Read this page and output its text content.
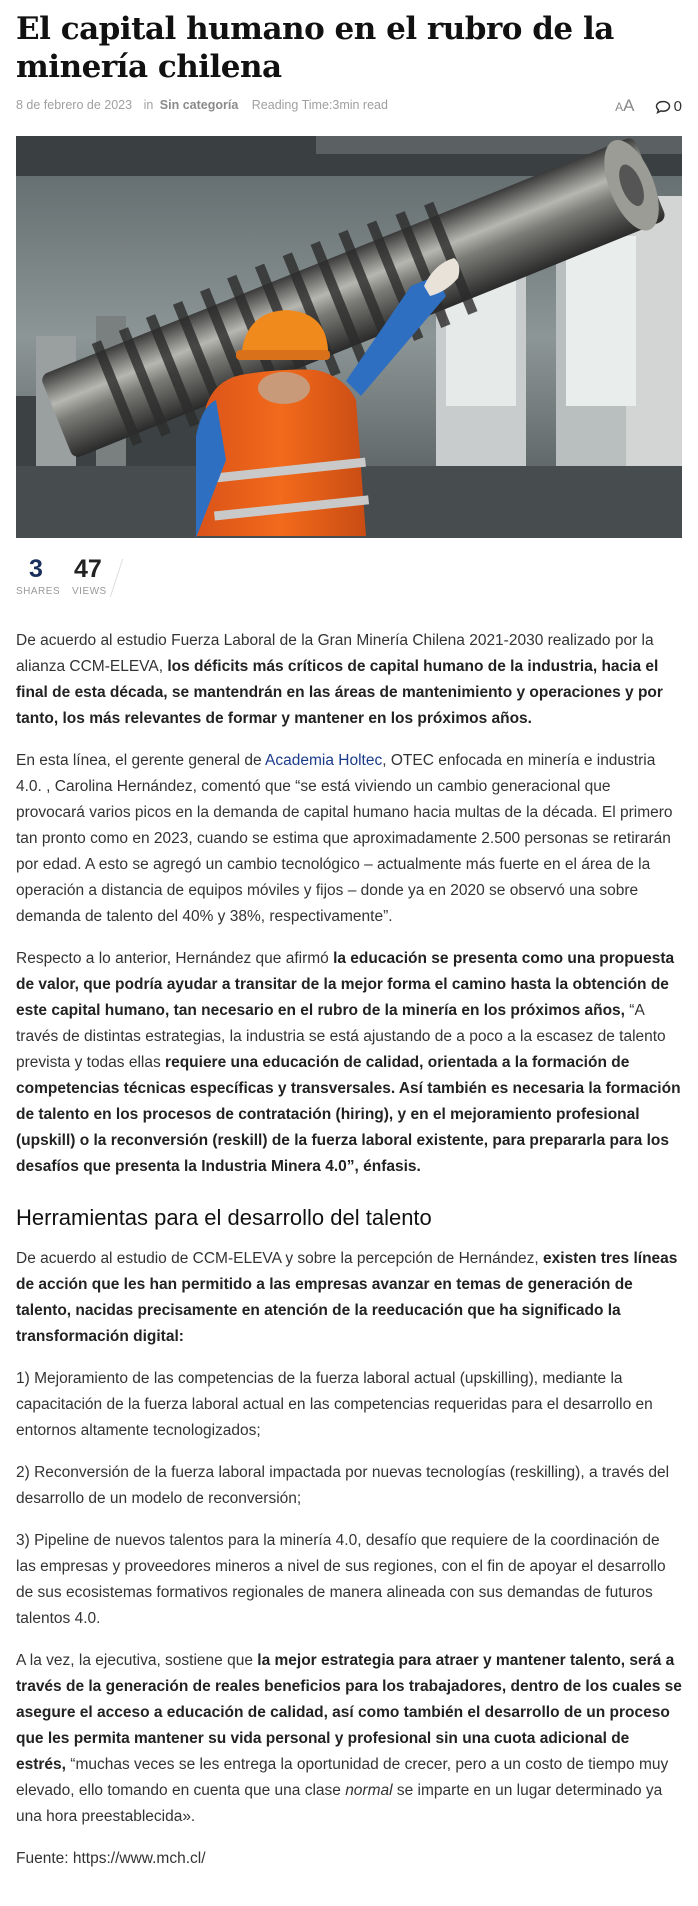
El capital humano en el rubro de la minería chilena
8 de febrero de 2023 in Sin categoría Reading Time:3min read	AA	0
3
SHARES
47
VIEWS

De acuerdo al estudio Fuerza Laboral de la Gran Minería Chilena 2021-2030 realizado por la alianza CCM-ELEVA, los déficits más críticos de capital humano de la industria, hacia el final de esta década, se mantendrán en las áreas de mantenimiento y operaciones y por tanto, los más relevantes de formar y mantener en los próximos años.

En esta línea, el gerente general de Academia Holtec, OTEC enfocada en minería e industria 4.0. , Carolina Hernández, comentó que “se está viviendo un cambio generacional que provocará varios picos en la demanda de capital humano hacia multas de la década. El primero tan pronto como en 2023, cuando se estima que aproximadamente 2.500 personas se retirarán por edad. A esto se agregó un cambio tecnológico – actualmente más fuerte en el área de la operación a distancia de equipos móviles y fijos – donde ya en 2020 se observó una sobre demanda de talento del 40% y 38%, respectivamente”.

Respecto a lo anterior, Hernández que afirmó la educación se presenta como una propuesta de valor, que podría ayudar a transitar de la mejor forma el camino hasta la obtención de este capital humano, tan necesario en el rubro de la minería en los próximos años, “A través de distintas estrategias, la industria se está ajustando de a poco a la escasez de talento prevista y todas ellas requiere una educación de calidad, orientada a la formación de competencias técnicas específicas y transversales. Así también es necesaria la formación de talento en los procesos de contratación (hiring), y en el mejoramiento profesional (upskill) o la reconversión (reskill) de la fuerza laboral existente, para prepararla para los desafíos que presenta la Industria Minera 4.0”, énfasis.

Herramientas para el desarrollo del talento

De acuerdo al estudio de CCM-ELEVA y sobre la percepción de Hernández, existen tres líneas de acción que les han permitido a las empresas avanzar en temas de generación de talento, nacidas precisamente en atención de la reeducación que ha significado la transformación digital:

1) Mejoramiento de las competencias de la fuerza laboral actual (upskilling), mediante la capacitación de la fuerza laboral actual en las competencias requeridas para el desarrollo en entornos altamente tecnologizados;

2) Reconversión de la fuerza laboral impactada por nuevas tecnologías (reskilling), a través del desarrollo de un modelo de reconversión;

3) Pipeline de nuevos talentos para la minería 4.0, desafío que requiere de la coordinación de las empresas y proveedores mineros a nivel de sus regiones, con el fin de apoyar el desarrollo de sus ecosistemas formativos regionales de manera alineada con sus demandas de futuros talentos 4.0.

A la vez, la ejecutiva, sostiene que la mejor estrategia para atraer y mantener talento, será a través de la generación de reales beneficios para los trabajadores, dentro de los cuales se asegure el acceso a educación de calidad, así como también el desarrollo de un proceso que les permita mantener su vida personal y profesional sin una cuota adicional de estrés, “muchas veces se les entrega la oportunidad de crecer, pero a un costo de tiempo muy elevado, ello tomando en cuenta que una clase normal se imparte en un lugar determinado ya una hora preestablecida».

Fuente: https://www.mch.cl/
